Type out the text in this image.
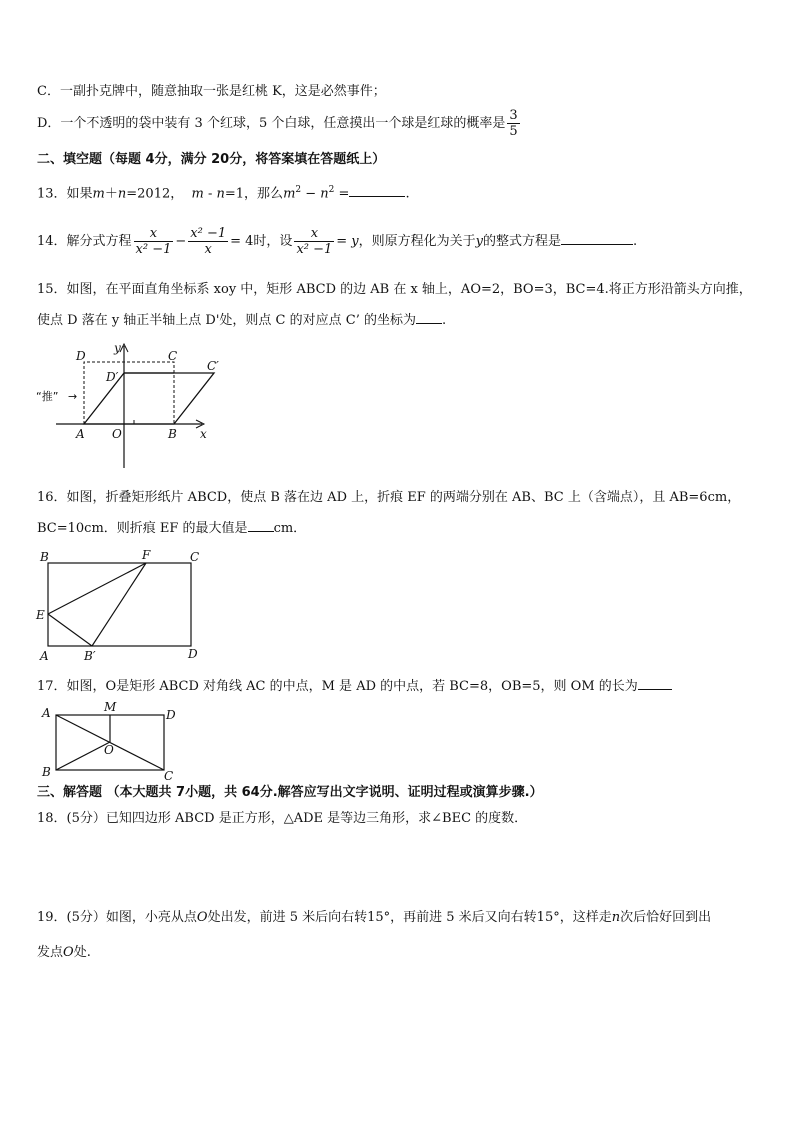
C．一副扑克牌中，随意抽取一张是红桃 K，这是必然事件；
D．一个不透明的袋中装有 3 个红球，5 个白球，任意摸出一个球是红球的概率是 $\frac{3}{5}$
二、填空题（每题 4分，满分 20分，将答案填在答题纸上）
13．如果m＋n=2012， m - n=1，那么$m^2 - n^2$ =	.
14．解分式方程 $\frac{x}{\text{x² −1}} - \frac{\text{x² −1}}{x} = 4$时，设 $\frac{x}{\text{x² −1}} = y$，则原方程化为关于y的整式方程是	.
15．如图，在平面直角坐标系 xoy 中，矩形 ABCD 的边 AB 在 x 轴上，AO=2，BO=3，BC=4.将正方形沿箭头方向推，
使点 D 落在 y 轴正半轴上点 D'处，则点 C 的对应点 C’ 的坐标为 .
D	C
D′
C′
y
“推” →
A O	B x
16．如图，折叠矩形纸片 ABCD，使点 B 落在边 AD 上，折痕 EF 的两端分别在 AB、BC 上（含端点），且 AB=6cm，
BC=10cm．则折痕 EF 的最大值是 cm．
B	F	C
E
A	B′	D
17．如图，O是矩形 ABCD 对角线 AC 的中点，M 是 AD 的中点，若 BC=8，OB=5，则 OM 的长为
A	M
D
O
B	C
三、解答题 （本大题共 7小题，共 64分.解答应写出文字说明、证明过程或演算步骤.）
18．(5分）已知四边形 ABCD 是正方形，△ADE 是等边三角形，求∠BEC 的度数．
19．(5分）如图，小亮从点O处出发，前进 5 米后向右转15°，再前进 5 米后又向右转15°，这样走n次后恰好回到出
发点O处.
